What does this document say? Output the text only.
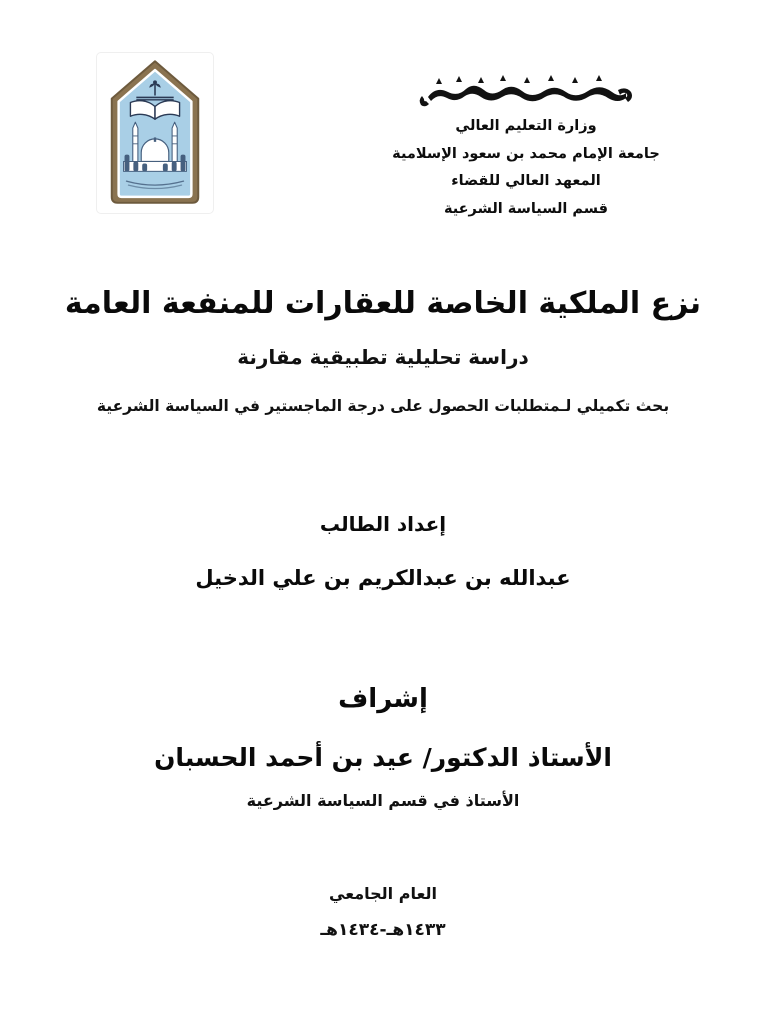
وزارة التعليم العالي

جامعة الإمام محمد بن سعود الإسلامية

المعهد العالي للقضاء

قسم السياسة الشرعية

نزع الملكية الخاصة للعقارات للمنفعة العامة

دراسة تحليلية تطبيقية مقارنة

بحث تكميلي لـمتطلبات الحصول على درجة الماجستير في السياسة الشرعية

إعداد الطالب

عبدالله بن عبدالكريم بن علي الدخيل

إشراف

الأستاذ الدكتور/ عيد بن أحمد الحسبان

الأستاذ في قسم السياسة الشرعية

العام الجامعي

١٤٣٣هـ-١٤٣٤هـ
